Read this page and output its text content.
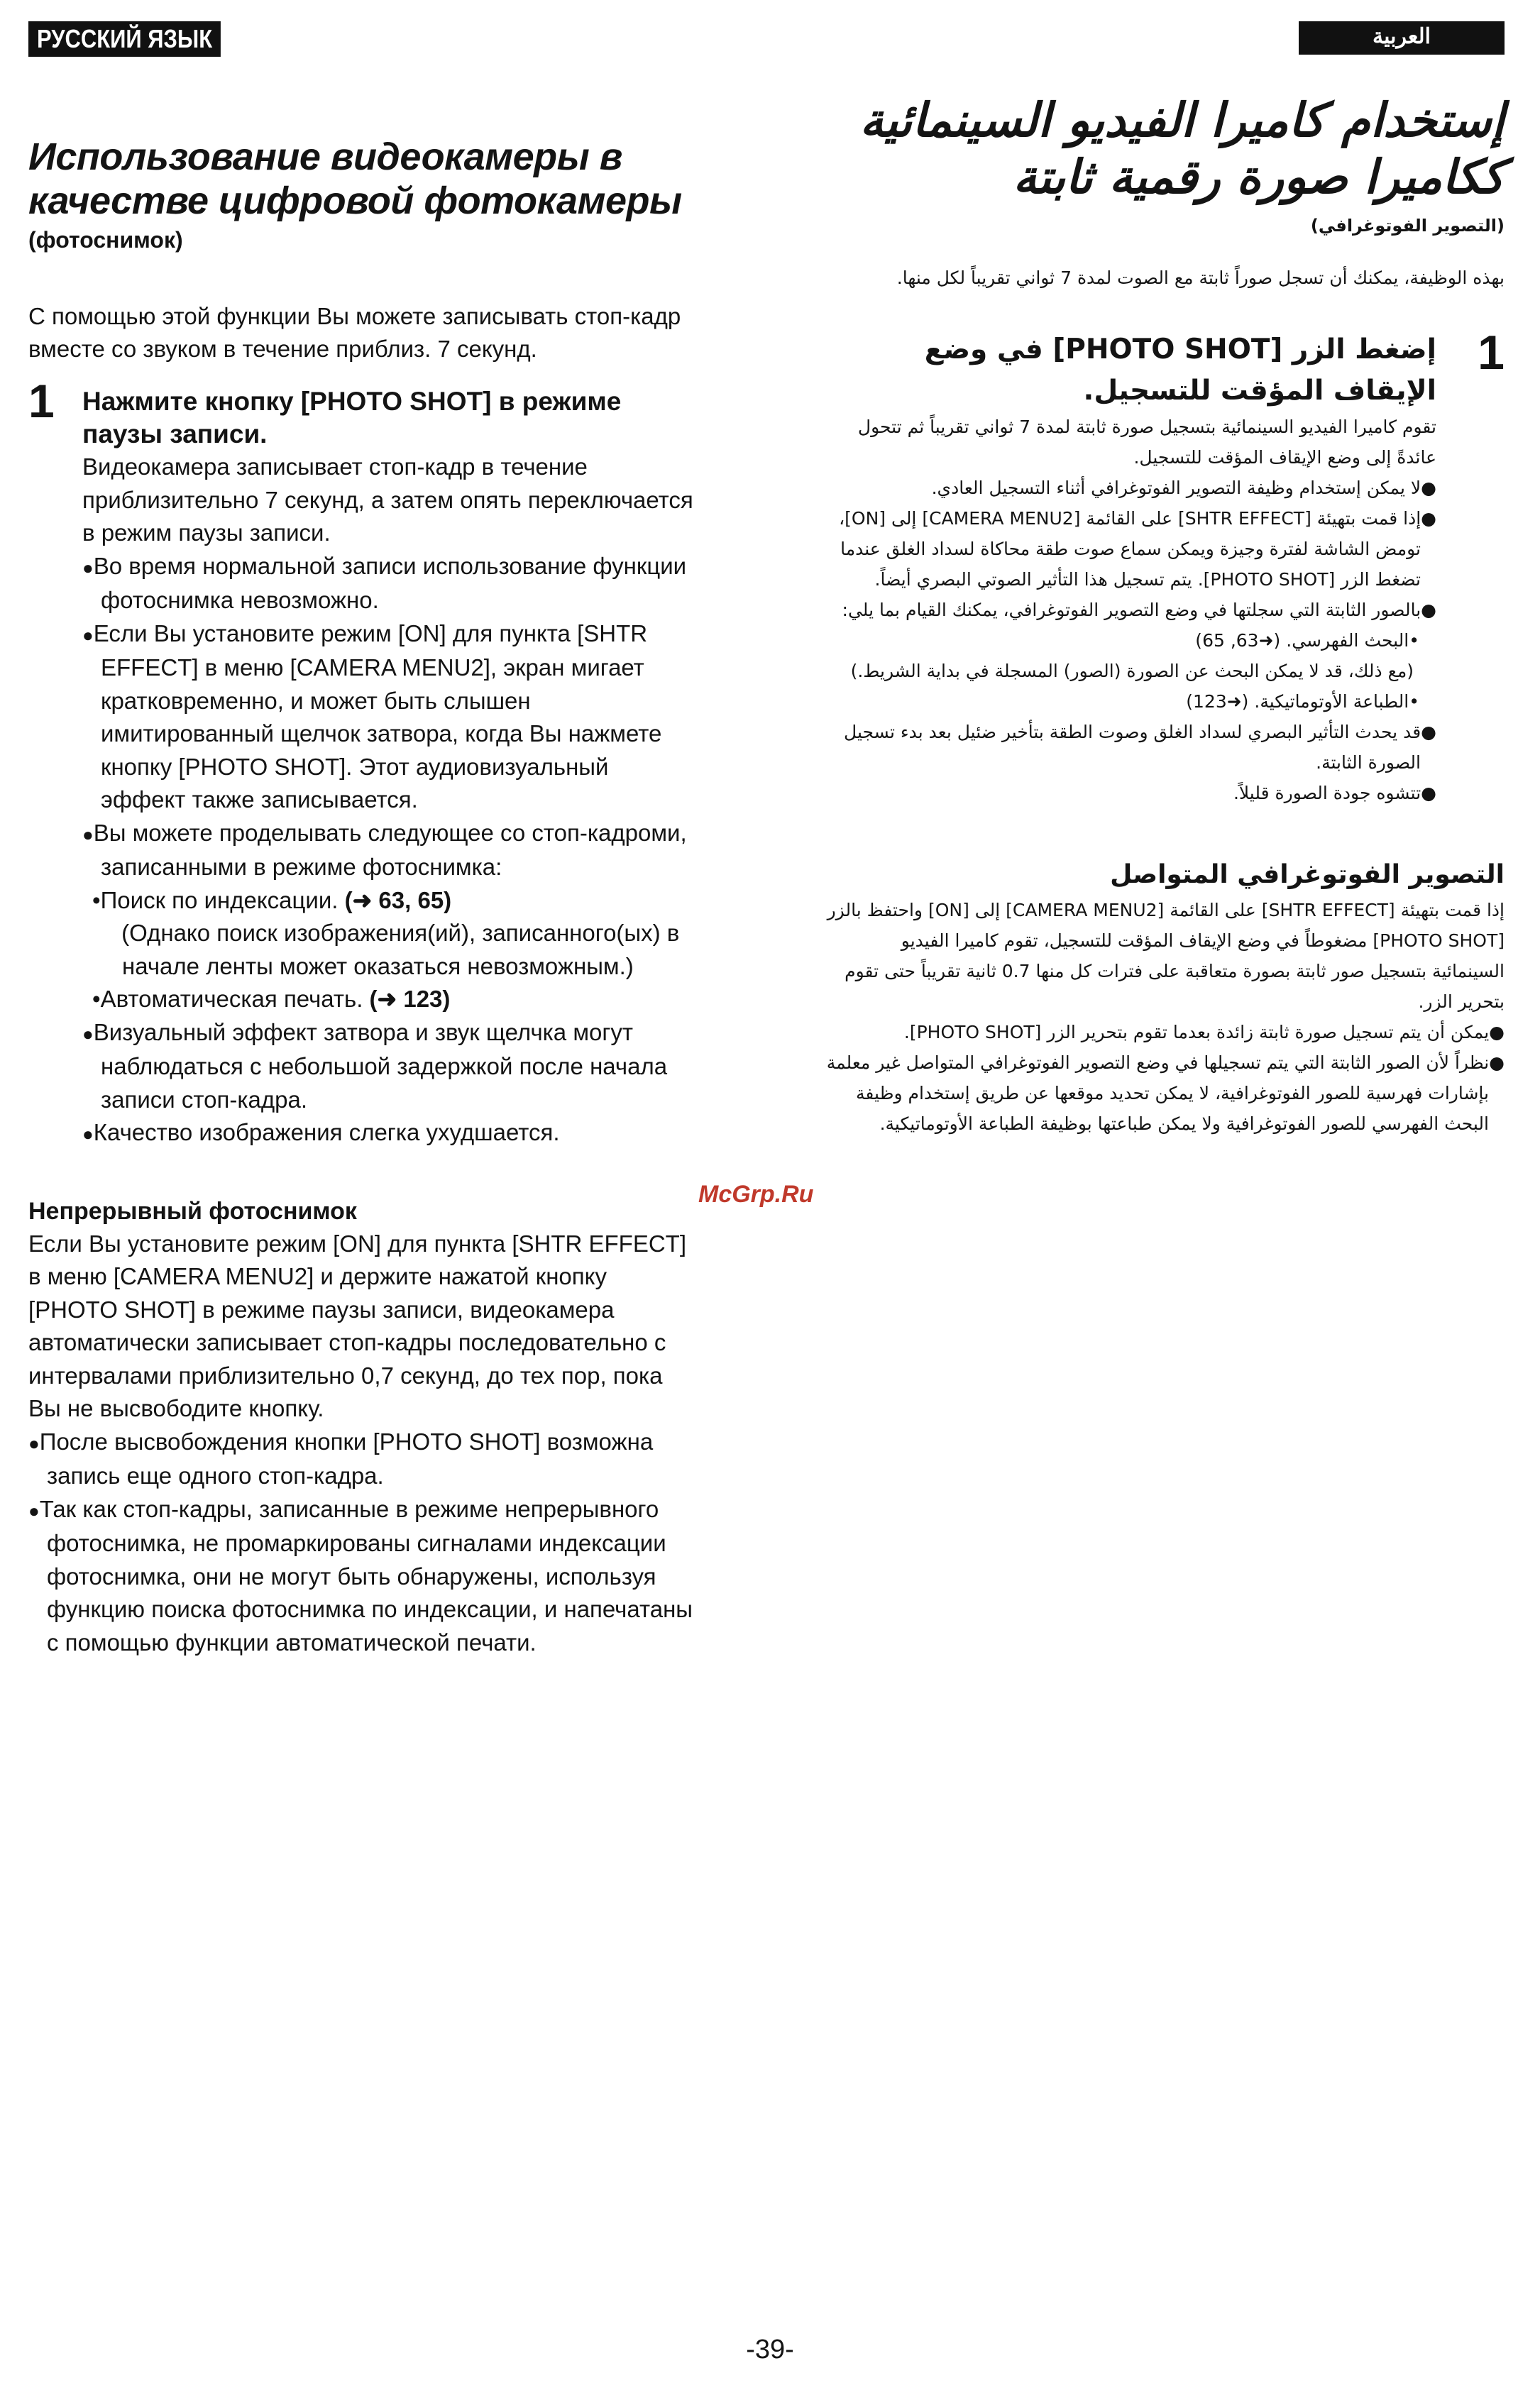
РУССКИЙ ЯЗЫК
Использование видеокамеры в
качестве цифровой фотокамеры
(фотоснимок)
С помощью этой функции Вы можете записывать стоп-кадр вместе со звуком в течение приблиз. 7 секунд.
1 Нажмите кнопку [PHOTO SHOT] в режиме паузы записи.
Видеокамера записывает стоп-кадр в течение приблизительно 7 секунд, а затем опять переключается в режим паузы записи.
●Во время нормальной записи использование функции фотоснимка невозможно.
●Если Вы установите режим [ON] для пункта [SHTR EFFECT] в меню [CAMERA MENU2], экран мигает кратковременно, и может быть слышен имитированный щелчок затвора, когда Вы нажмете кнопку [PHOTO SHOT]. Этот аудиовизуальный эффект также записывается.
●Вы можете проделывать следующее со стоп-кадроми, записанными в режиме фотоснимка:
•Поиск по индексации. (➜ 63, 65)
(Однако поиск изображения(ий), записанного(ых) в начале ленты может оказаться невозможным.)
•Автоматическая печать. (➜ 123)
●Визуальный эффект затвора и звук щелчка могут наблюдаться с небольшой задержкой после начала записи стоп-кадра.
●Качество изображения слегка ухудшается.
Непрерывный фотоснимок
Если Вы установите режим [ON] для пункта [SHTR EFFECT] в меню [CAMERA MENU2] и держите нажатой кнопку [PHOTO SHOT] в режиме паузы записи, видеокамера автоматически записывает стоп-кадры последовательно с интервалами приблизительно 0,7 секунд, до тех пор, пока Вы не высвободите кнопку.
●После высвобождения кнопки [PHOTO SHOT] возможна запись еще одного стоп-кадра.
●Так как стоп-кадры, записанные в режиме непрерывного фотоснимка, не промаркированы сигналами индексации фотоснимка, они не могут быть обнаружены, используя функцию поиска фотоснимка по индексации, и напечатаны с помощью функции автоматической печати.
العربية
إستخدام كاميرا الفيديو السينمائية ككاميرا صورة رقمية ثابتة
(التصوير الفوتوغرافي)
بهذه الوظيفة، يمكنك أن تسجل صوراً ثابتة مع الصوت لمدة 7 ثواني تقريباً لكل منها.
1
إضغط الزر [PHOTO SHOT] في وضع الإيقاف المؤقت للتسجيل.
تقوم كاميرا الفيديو السينمائية بتسجيل صورة ثابتة لمدة 7 ثواني تقريباً ثم تتحول عائدةً إلى وضع الإيقاف المؤقت للتسجيل.
●لا يمكن إستخدام وظيفة التصوير الفوتوغرافي أثناء التسجيل العادي.
●إذا قمت بتهيئة [SHTR EFFECT] على القائمة [CAMERA MENU2] إلى [ON]، تومض الشاشة لفترة وجيزة ويمكن سماع صوت طقة محاكاة لسداد الغلق عندما تضغط الزر [PHOTO SHOT]. يتم تسجيل هذا التأثير الصوتي البصري أيضاً.
●بالصور الثابتة التي سجلتها في وضع التصوير الفوتوغرافي، يمكنك القيام بما يلي:
•البحث الفهرسي. (➜63, 65)
(مع ذلك، قد لا يمكن البحث عن الصورة (الصور) المسجلة في بداية الشريط.)
•الطباعة الأوتوماتيكية. (➜123)
●قد يحدث التأثير البصري لسداد الغلق وصوت الطقة بتأخير ضئيل بعد بدء تسجيل الصورة الثابتة.
●تتشوه جودة الصورة قليلاً.
التصوير الفوتوغرافي المتواصل
إذا قمت بتهيئة [SHTR EFFECT] على القائمة [CAMERA MENU2] إلى [ON] واحتفظ بالزر [PHOTO SHOT] مضغوطاً في وضع الإيقاف المؤقت للتسجيل، تقوم كاميرا الفيديو السينمائية بتسجيل صور ثابتة بصورة متعاقبة على فترات كل منها 0.7 ثانية تقريباً حتى تقوم بتحرير الزر.
●يمكن أن يتم تسجيل صورة ثابتة زائدة بعدما تقوم بتحرير الزر [PHOTO SHOT].
●نظراً لأن الصور الثابتة التي يتم تسجيلها في وضع التصوير الفوتوغرافي المتواصل غير معلمة بإشارات فهرسية للصور الفوتوغرافية، لا يمكن تحديد موقعها عن طريق إستخدام وظيفة البحث الفهرسي للصور الفوتوغرافية ولا يمكن طباعتها بوظيفة الطباعة الأوتوماتيكية.
McGrp.Ru
-39-
